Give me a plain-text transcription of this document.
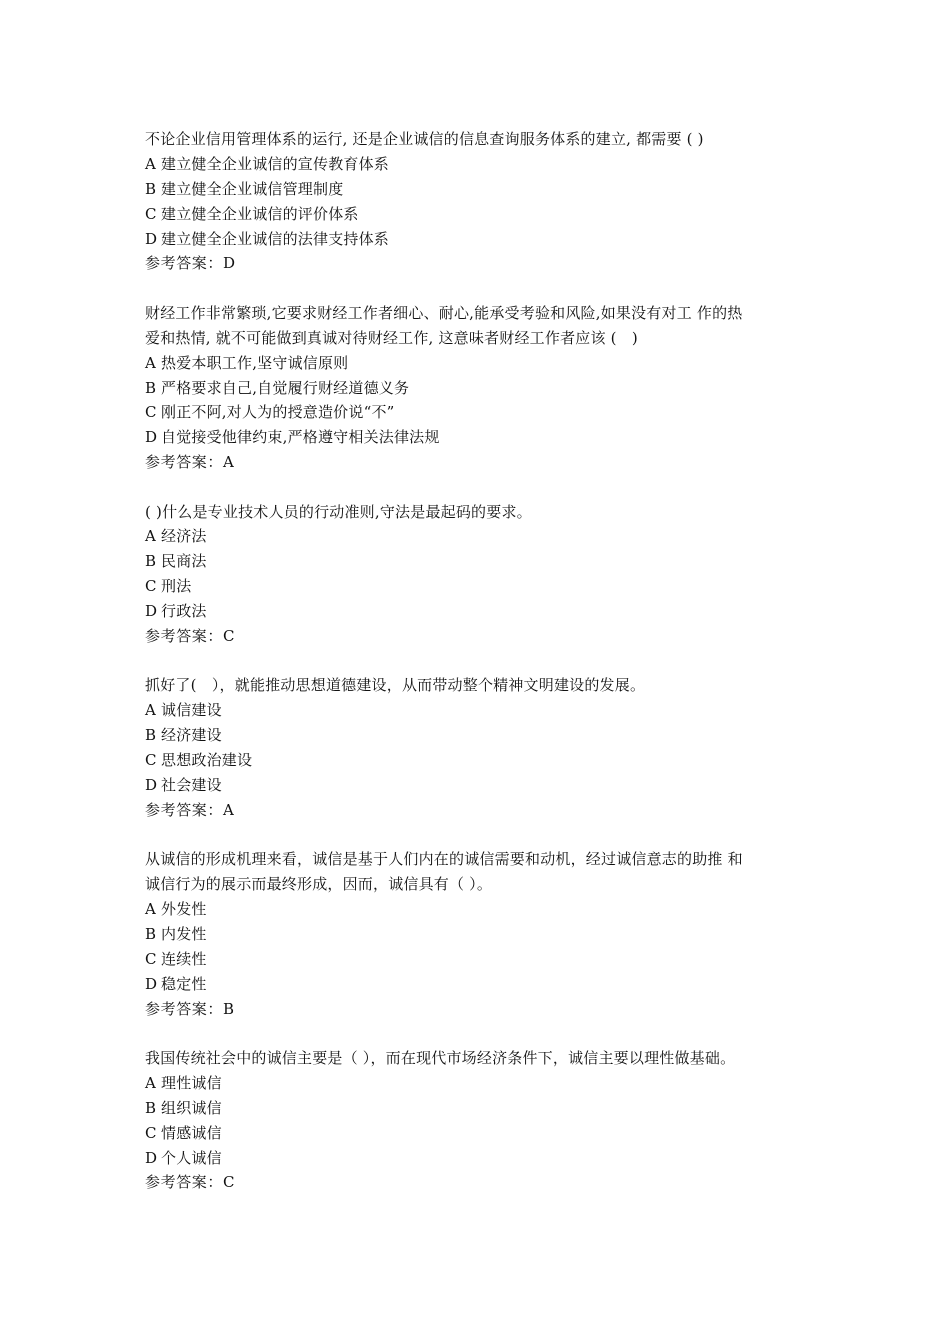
不论企业信用管理体系的运行, 还是企业诚信的信息查询服务体系的建立, 都需要 ( )
A 建立健全企业诚信的宣传教育体系
B 建立健全企业诚信管理制度
C 建立健全企业诚信的评价体系
D 建立健全企业诚信的法律支持体系
参考答案：D
财经工作非常繁琐,它要求财经工作者细心、耐心,能承受考验和风险,如果没有对工 作的热
爱和热情, 就不可能做到真诚对待财经工作, 这意味者财经工作者应该 (　)
A 热爱本职工作,坚守诚信原则
B 严格要求自己,自觉履行财经道德义务
C 刚正不阿,对人为的授意造价说“不”
D 自觉接受他律约束,严格遵守相关法律法规
参考答案：A
( )什么是专业技术人员的行动准则,守法是最起码的要求。
A 经济法
B 民商法
C 刑法
D 行政法
参考答案：C
抓好了(　），就能推动思想道德建设，从而带动整个精神文明建设的发展。
A 诚信建设
B 经济建设
C 思想政治建设
D 社会建设
参考答案：A
从诚信的形成机理来看，诚信是基于人们内在的诚信需要和动机，经过诚信意志的助推 和
诚信行为的展示而最终形成，因而，诚信具有（ ）。
A 外发性
B 内发性
C 连续性
D 稳定性
参考答案：B
我国传统社会中的诚信主要是（ ），而在现代市场经济条件下，诚信主要以理性做基础。
A 理性诚信
B 组织诚信
C 情感诚信
D 个人诚信
参考答案：C
